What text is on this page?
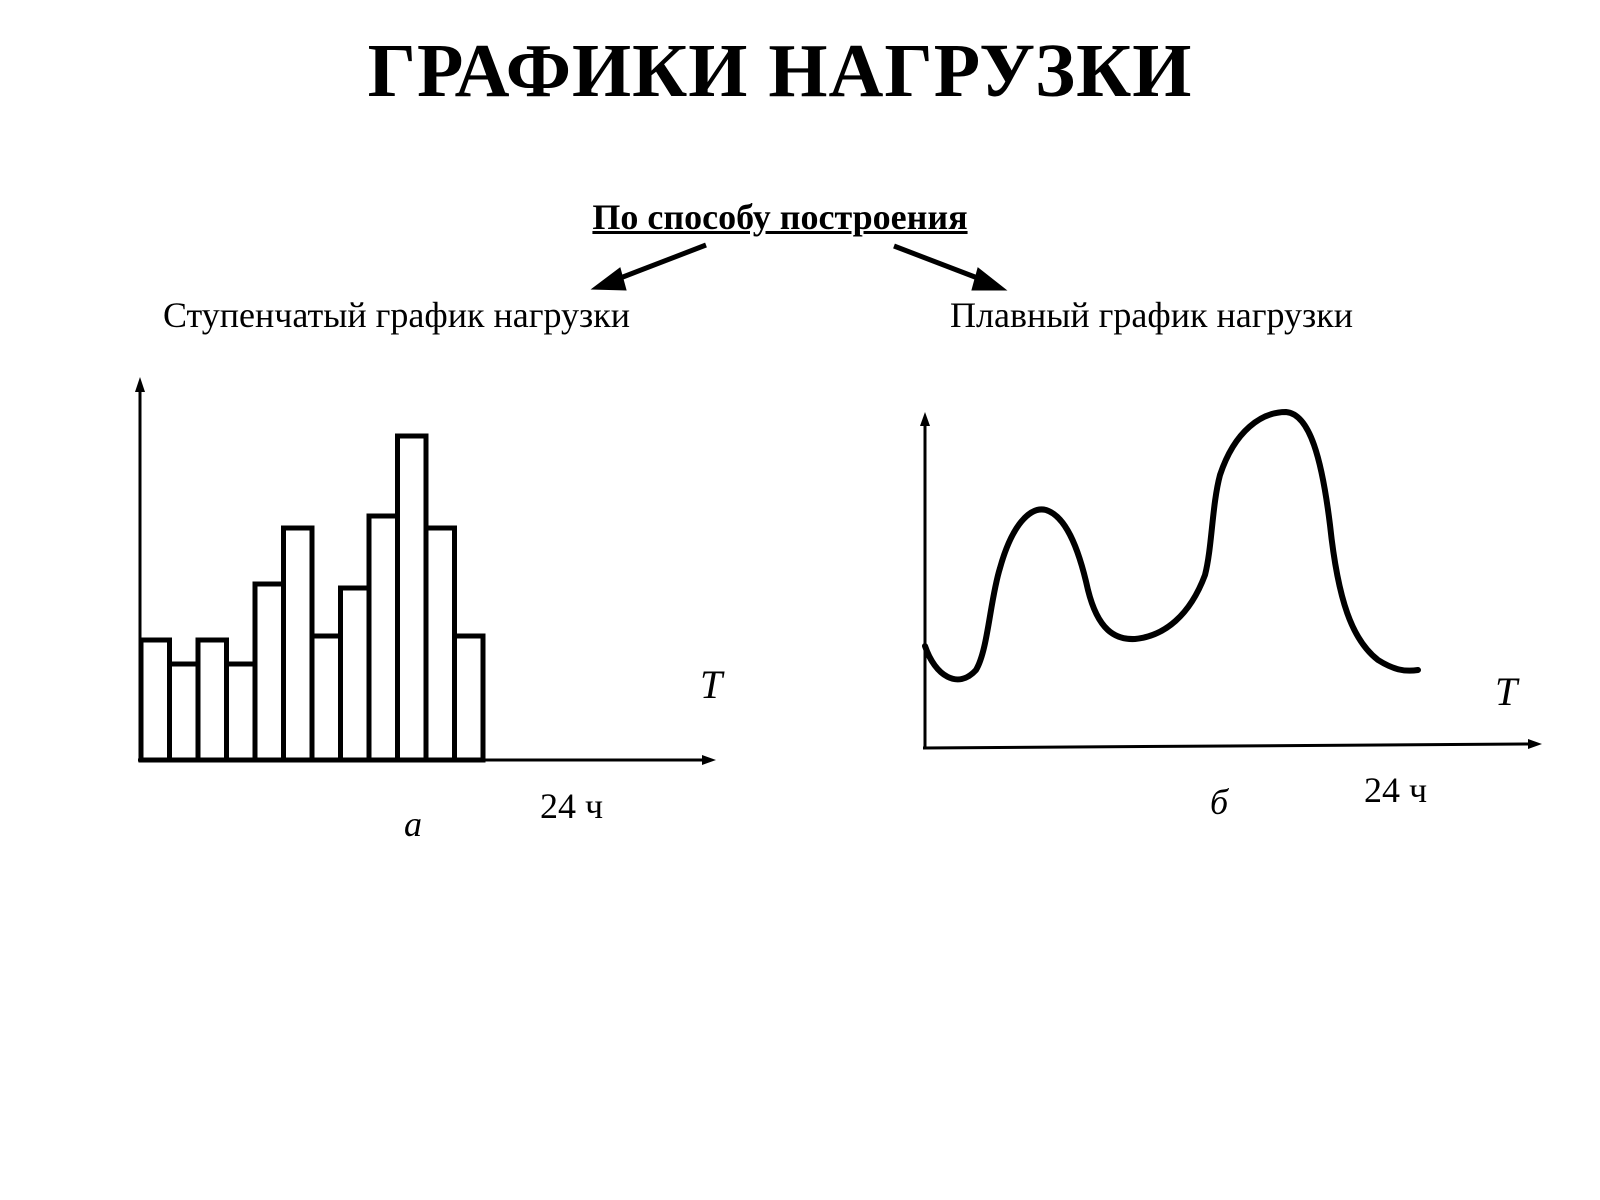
ГРАФИКИ НАГРУЗКИ
По способу построения
Ступенчатый график нагрузки	Плавный график нагрузки
T
24 ч
а
T
24 ч
б
